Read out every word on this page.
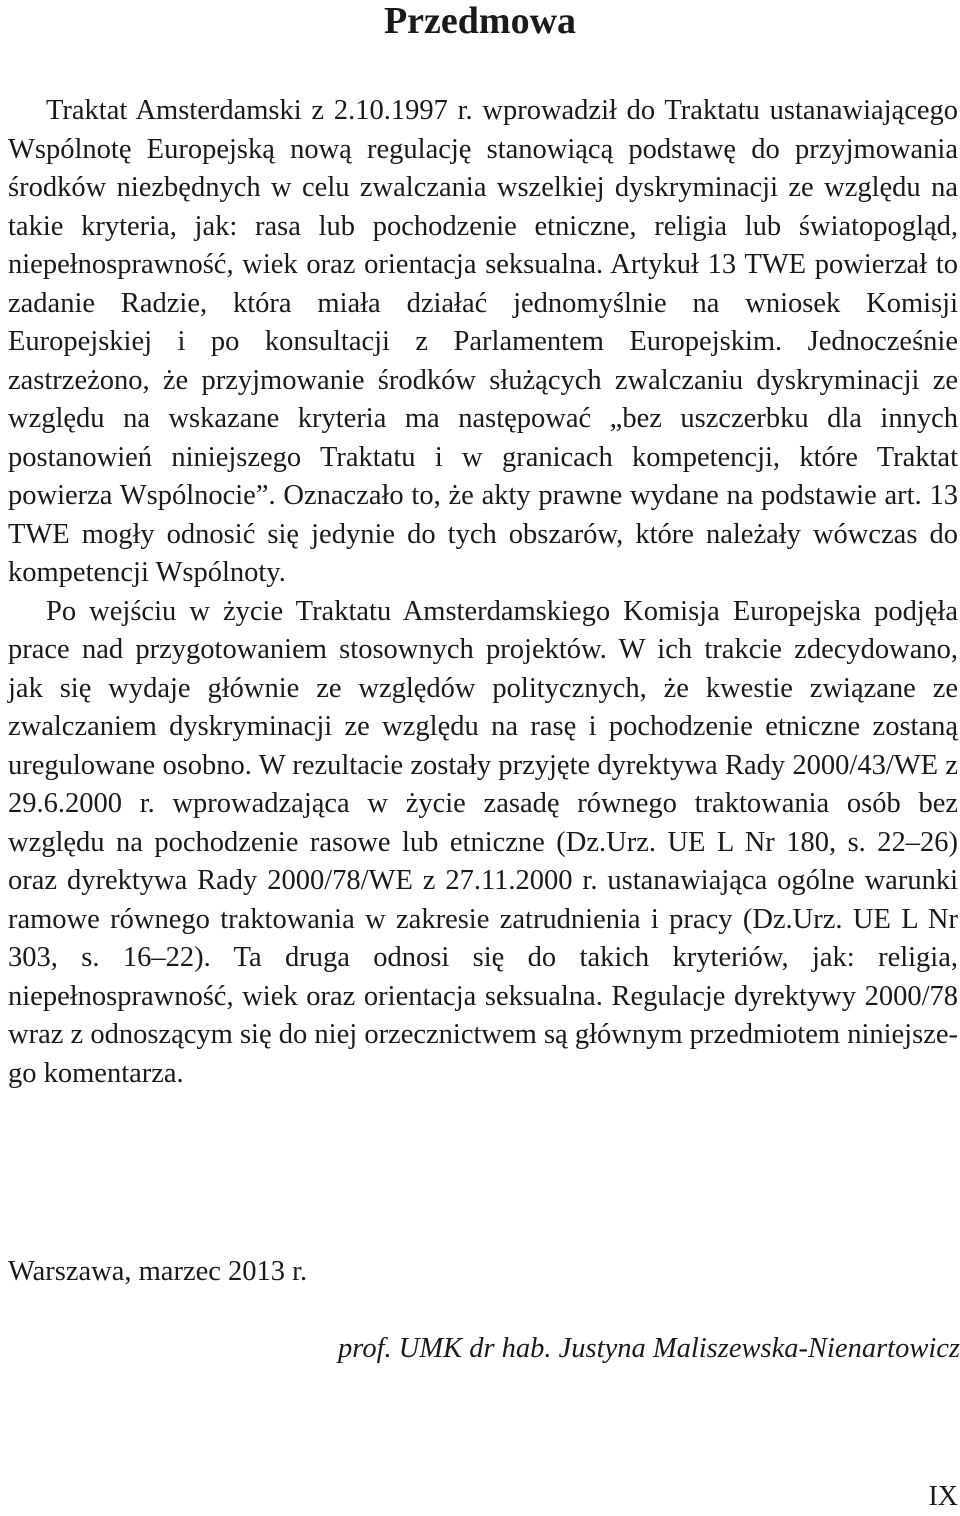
Przedmowa

Traktat Amsterdamski z 2.10.1997 r. wprowadził do Traktatu ustanawiającego Wspólnotę Europejską nową regulację stanowiącą podstawę do przyjmowania środków niezbędnych w celu zwalczania wszelkiej dyskryminacji ze względu na takie kryteria, jak: rasa lub pochodzenie etniczne, religia lub światopogląd, niepełnosprawność, wiek oraz orientacja seksualna. Artykuł 13 TWE powierzał to zadanie Radzie, która miała działać jednomyślnie na wniosek Komisji Europejskiej i po konsultacji z Parlamentem Europejskim. Jednocześnie zastrzeżono, że przyjmowanie środków służących zwalczaniu dyskryminacji ze względu na wskazane kryteria ma następować „bez uszczerbku dla innych postanowień niniejszego Traktatu i w granicach kompetencji, które Traktat powierza Wspólnocie”. Oznaczało to, że akty prawne wydane na podstawie art. 13 TWE mogły odnosić się jedynie do tych obszarów, które należały wówczas do kompetencji Wspólnoty.

Po wejściu w życie Traktatu Amsterdamskiego Komisja Europejska podjęła prace nad przygotowaniem stosownych projektów. W ich trakcie zdecydowano, jak się wydaje głównie ze względów politycznych, że kwestie związane ze zwalczaniem dyskryminacji ze względu na rasę i pochodzenie etniczne zostaną uregulowane osobno. W rezultacie zostały przyjęte dyrektywa Rady 2000/43/WE z 29.6.2000 r. wprowadzająca w życie zasadę równego traktowania osób bez względu na pochodzenie rasowe lub etniczne (Dz.Urz. UE L Nr 180, s. 22–26) oraz dyrektywa Rady 2000/78/​WE z 27.11.2000 r. ustanawiająca ogólne warunki ramowe równego traktowania w zakresie zatrudnienia i pracy (Dz.Urz. UE L Nr 303, s. 16–22). Ta druga odnosi się do takich kryteriów, jak: religia, niepełnosprawność, wiek oraz orientacja seksualna. Regulacje dyrektywy 2000/78 wraz z odnoszącym się do niej orzecznictwem są głównym przedmiotem niniejszego komentarza.

Warszawa, marzec 2013 r.

prof. UMK dr hab. Justyna Maliszewska-Nienartowicz

IX
